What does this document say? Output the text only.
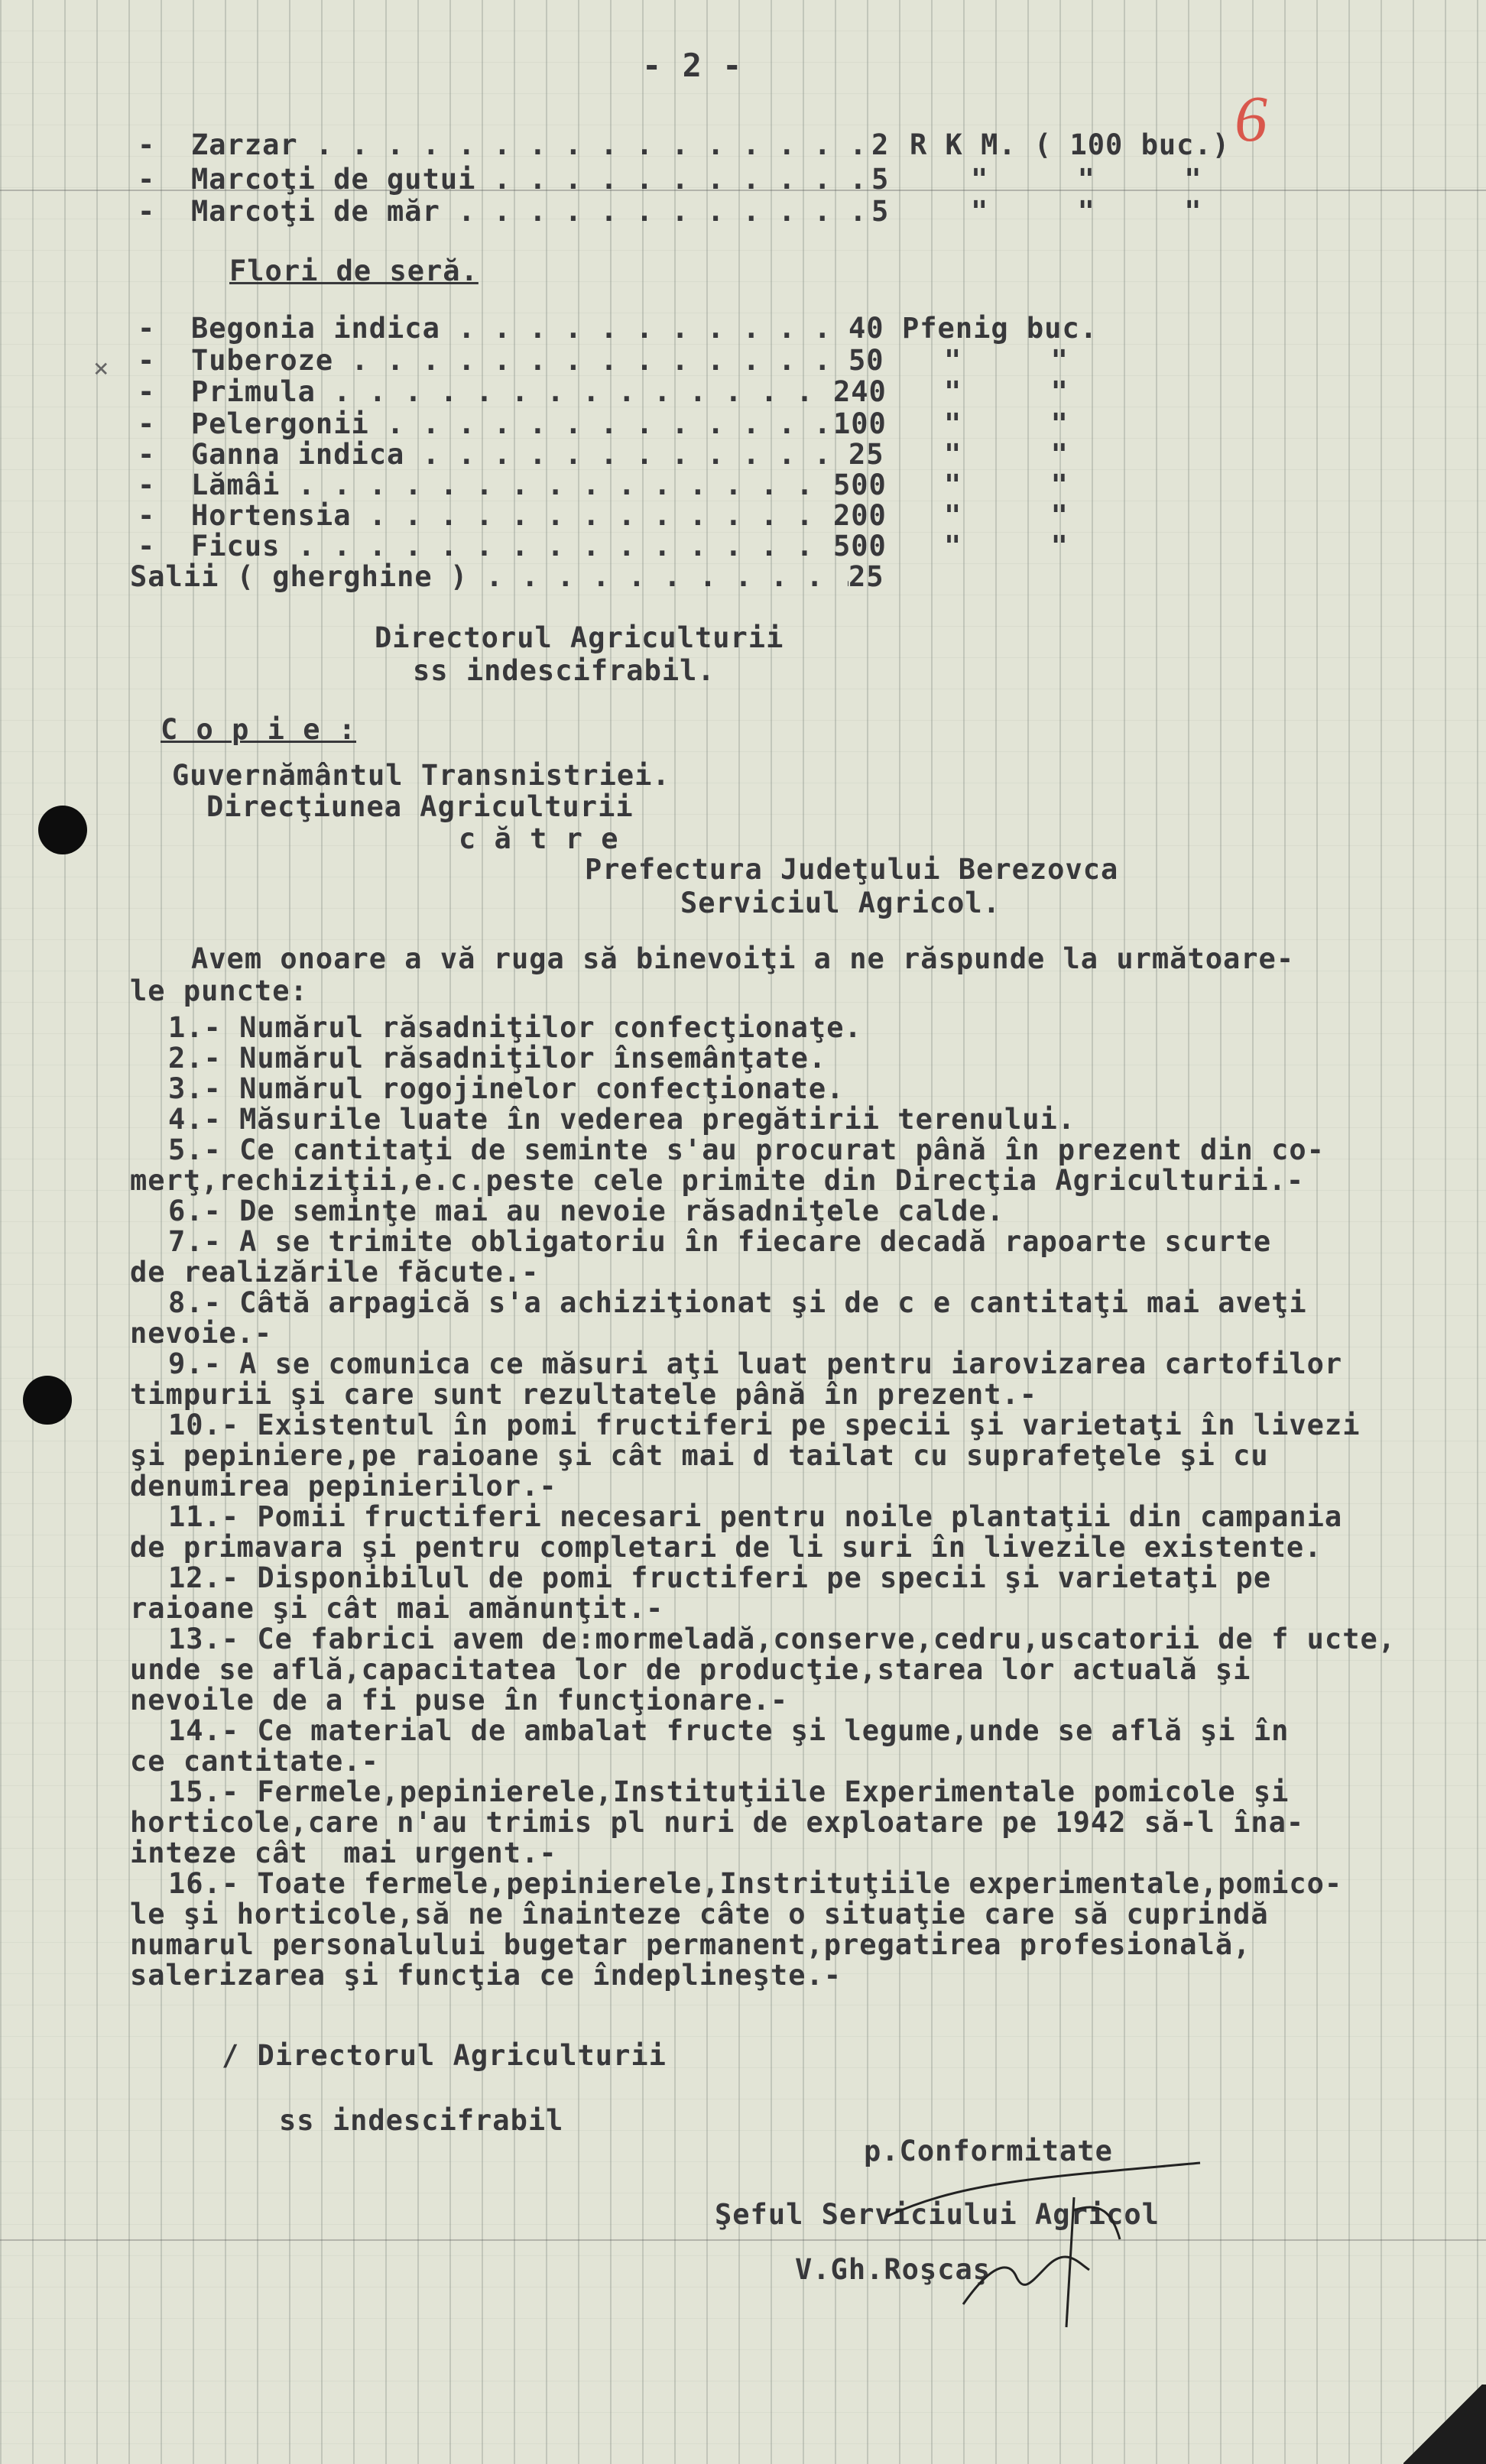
- 2 -
6
- Zarzar . . .	2 R K M. ( 100 buc.)
- Marcoţi de gutui . . .	5	"     "     "
- Marcoţi de măr . . .	5	"     "     "
Flori de seră.
- Begonia indica . . .	40 Pfenig buc.
- Tuberoze . . .	50 "     "
- Primula . . .	240 "     "
- Pelergonii . . .	100 "     "
- Ganna indica . . .	25 "     "
- Lămâi . . .	500 "     "
- Hortensia . . .	200 "     "
- Ficus . . .	500 "     "
Salii ( gherghine ) . . .	25
Directorul Agriculturii
ss indescifrabil.
C o p i e :
Guvernământul Transnistriei.
Direcţiunea Agriculturii
c ă t r e
Prefectura Judeţului Berezovca
Serviciul Agricol.
Avem onoare a vă ruga să binevoiţi a ne răspunde la următoare-
le puncte:
1.- Numărul răsadniţilor confecţionaţe.
2.- Numărul răsadniţilor însemânţate.
3.- Numărul rogojinelor confecţionate.
4.- Măsurile luate în vederea pregătirii terenului.
5.- Ce cantitaţi de seminte s'au procurat până în prezent din co-
merţ,rechiziţii,e.c.peste cele primite din Direcţia Agriculturii.-
6.- De seminţe mai au nevoie răsadniţele calde.
7.- A se trimite obligatoriu în fiecare decadă rapoarte scurte
de realizările făcute.-
8.- Câtă arpagică s'a achiziţionat şi de c e cantitaţi mai aveţi
nevoie.-
9.- A se comunica ce măsuri aţi luat pentru iarovizarea cartofilor
timpurii şi care sunt rezultatele până în prezent.-
10.- Existentul în pomi fructiferi pe specii şi varietaţi în livezi
şi pepiniere,pe raioane şi cât mai d tailat cu suprafeţele şi cu
denumirea pepinierilor.-
11.- Pomii fructiferi necesari pentru noile plantaţii din campania
de primavara şi pentru completari de li suri în livezile existente.
12.- Disponibilul de pomi fructiferi pe specii şi varietaţi pe
raioane şi cât mai amănunţit.-
13.- Ce fabrici avem de:mormeladă,conserve,cedru,uscatorii de f ucte,
unde se află,capacitatea lor de producţie,starea lor actuală şi
nevoile de a fi puse în funcţionare.-
14.- Ce material de ambalat fructe şi legume,unde se află şi în
ce cantitate.-
15.- Fermele,pepinierele,Instituţiile Experimentale pomicole şi
horticole,care n'au trimis pl nuri de exploatare pe 1942 să-l îna-
inteze cât  mai urgent.-
16.- Toate fermele,pepinierele,Instrituţiile experimentale,pomico-
le şi horticole,să ne înainteze câte o situaţie care să cuprindă
numarul personalului bugetar permanent,pregatirea profesională,
salerizarea şi funcţia ce îndeplineşte.-
/ Directorul Agriculturii
ss indescifrabil
p.Conformitate
Şeful Serviciului Agricol
V.Gh.Roşcaş
×
